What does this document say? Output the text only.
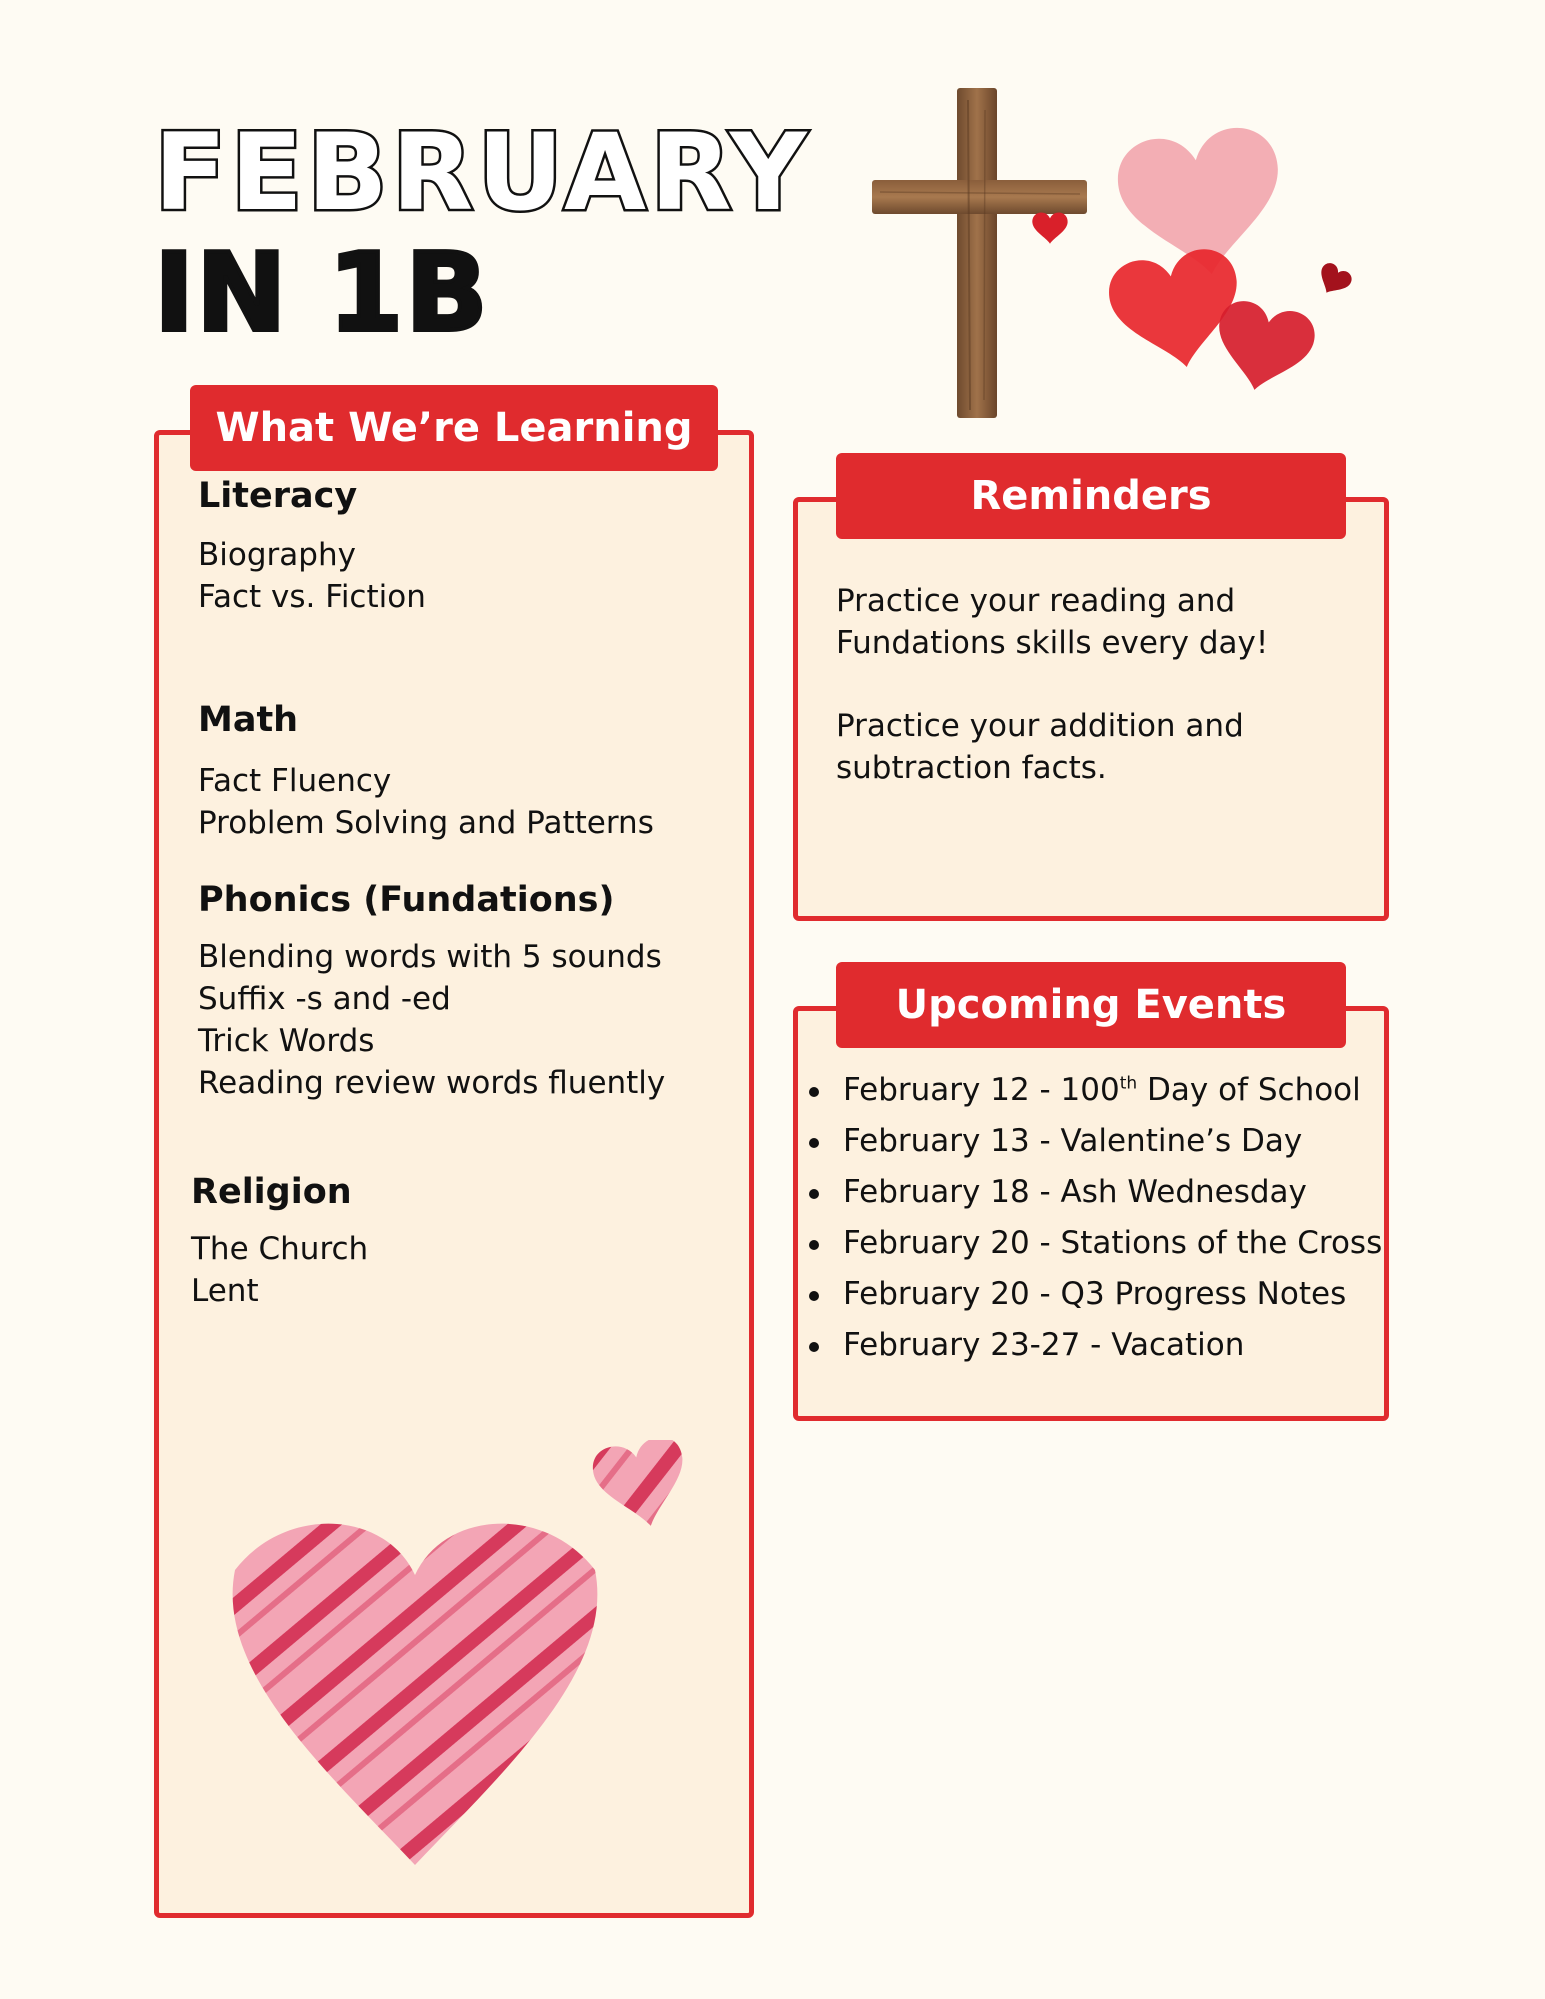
FEBRUARY
IN 1B
What We’re Learning

Literacy

Biography
Fact vs. Fiction

Math

Fact Fluency
Problem Solving and Patterns

Phonics (Fundations)

Blending words with 5 sounds
Suffix -s and -ed
Trick Words
Reading review words fluently

Religion

The Church
Lent
Reminders
Practice your reading and Fundations skills every day!
Practice your addition and subtraction facts.
Upcoming Events
February 12 - 100th Day of School
February 13 - Valentine’s Day
February 18 - Ash Wednesday
February 20 - Stations of the Cross
February 20 - Q3 Progress Notes
February 23-27 - Vacation
